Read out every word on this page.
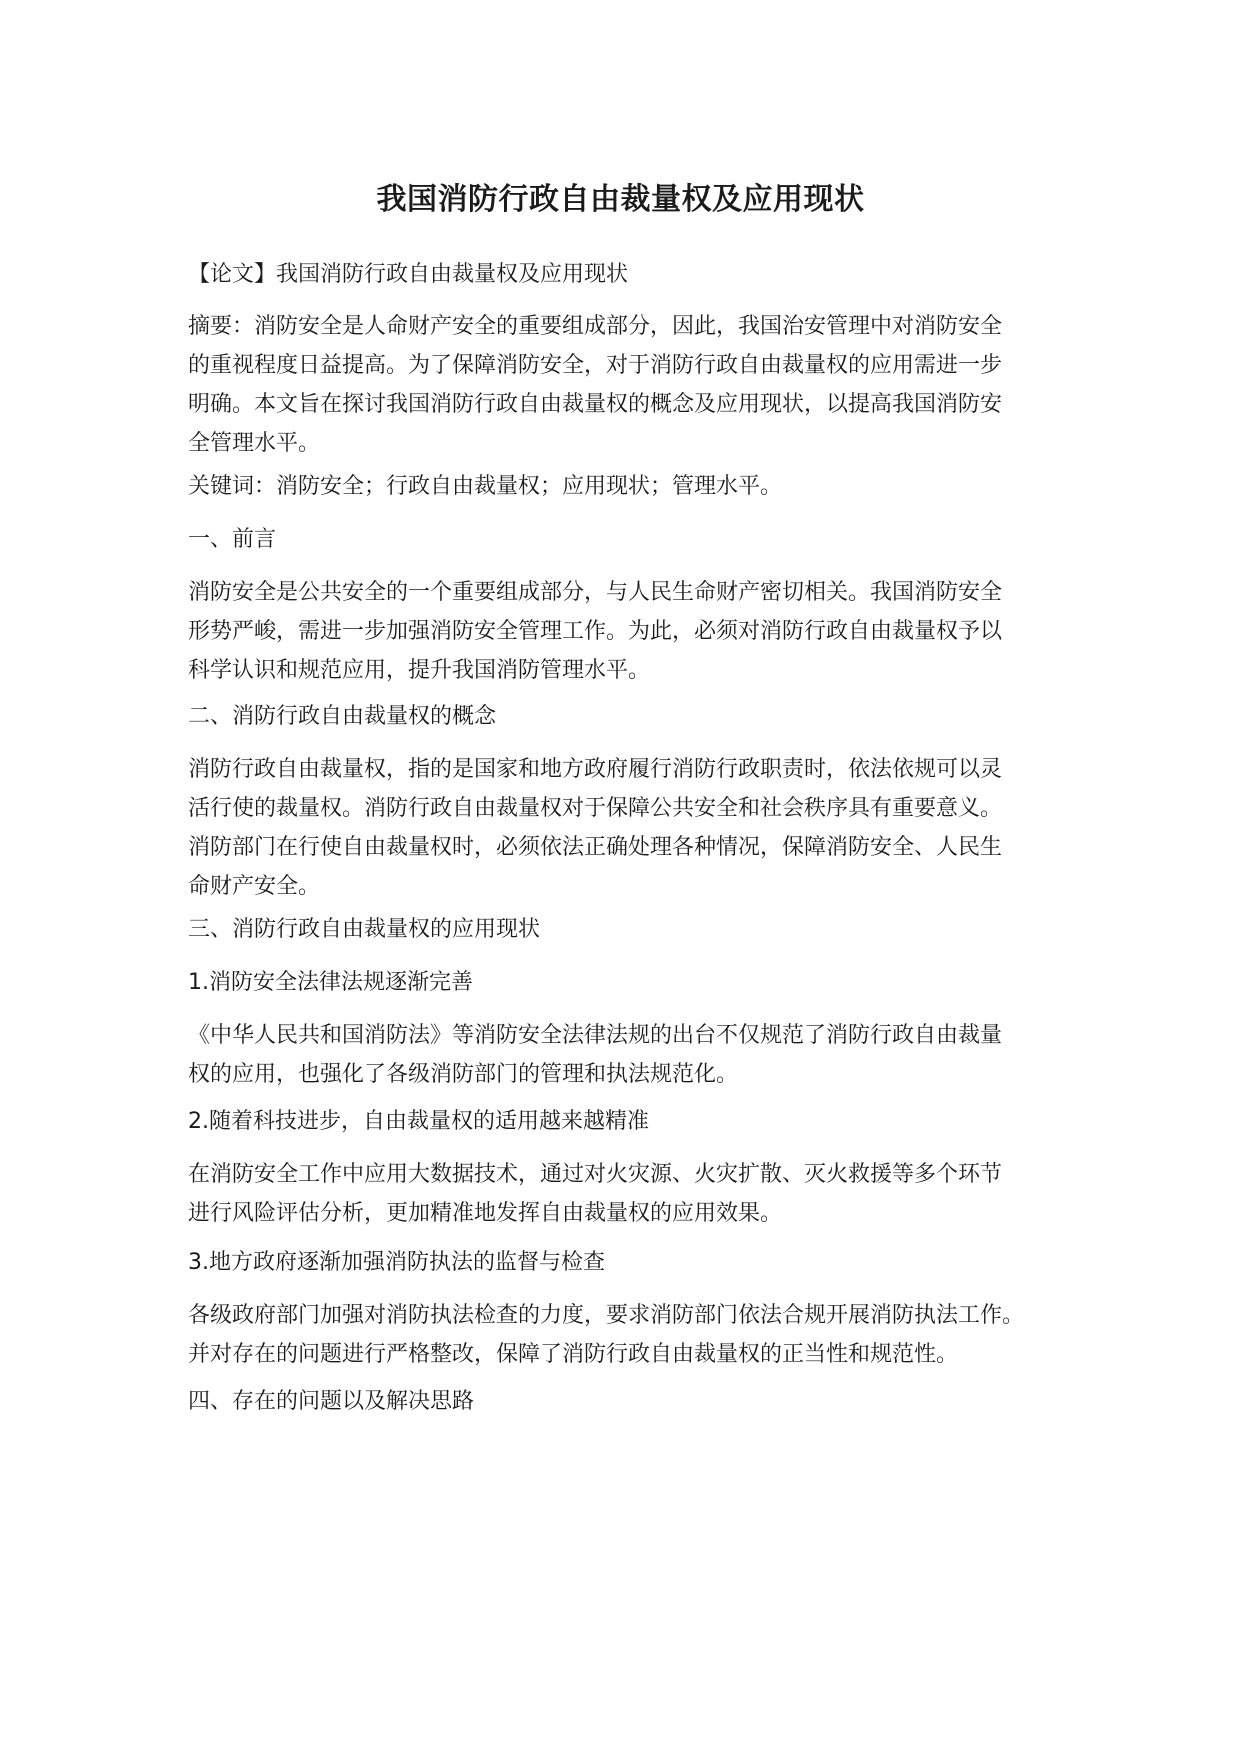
我国消防行政自由裁量权及应用现状

【论文】我国消防行政自由裁量权及应用现状

摘要：消防安全是人命财产安全的重要组成部分，因此，我国治安管理中对消防安全
的重视程度日益提高。为了保障消防安全，对于消防行政自由裁量权的应用需进一步
明确。本文旨在探讨我国消防行政自由裁量权的概念及应用现状，以提高我国消防安
全管理水平。

关键词：消防安全；行政自由裁量权；应用现状；管理水平。

一、前言

消防安全是公共安全的一个重要组成部分，与人民生命财产密切相关。我国消防安全
形势严峻，需进一步加强消防安全管理工作。为此，必须对消防行政自由裁量权予以
科学认识和规范应用，提升我国消防管理水平。

二、消防行政自由裁量权的概念

消防行政自由裁量权，指的是国家和地方政府履行消防行政职责时，依法依规可以灵
活行使的裁量权。消防行政自由裁量权对于保障公共安全和社会秩序具有重要意义。
消防部门在行使自由裁量权时，必须依法正确处理各种情况，保障消防安全、人民生
命财产安全。

三、消防行政自由裁量权的应用现状

1.消防安全法律法规逐渐完善

《中华人民共和国消防法》等消防安全法律法规的出台不仅规范了消防行政自由裁量
权的应用，也强化了各级消防部门的管理和执法规范化。

2.随着科技进步，自由裁量权的适用越来越精准

在消防安全工作中应用大数据技术，通过对火灾源、火灾扩散、灭火救援等多个环节
进行风险评估分析，更加精准地发挥自由裁量权的应用效果。

3.地方政府逐渐加强消防执法的监督与检查

各级政府部门加强对消防执法检查的力度，要求消防部门依法合规开展消防执法工作。
并对存在的问题进行严格整改，保障了消防行政自由裁量权的正当性和规范性。

四、存在的问题以及解决思路
